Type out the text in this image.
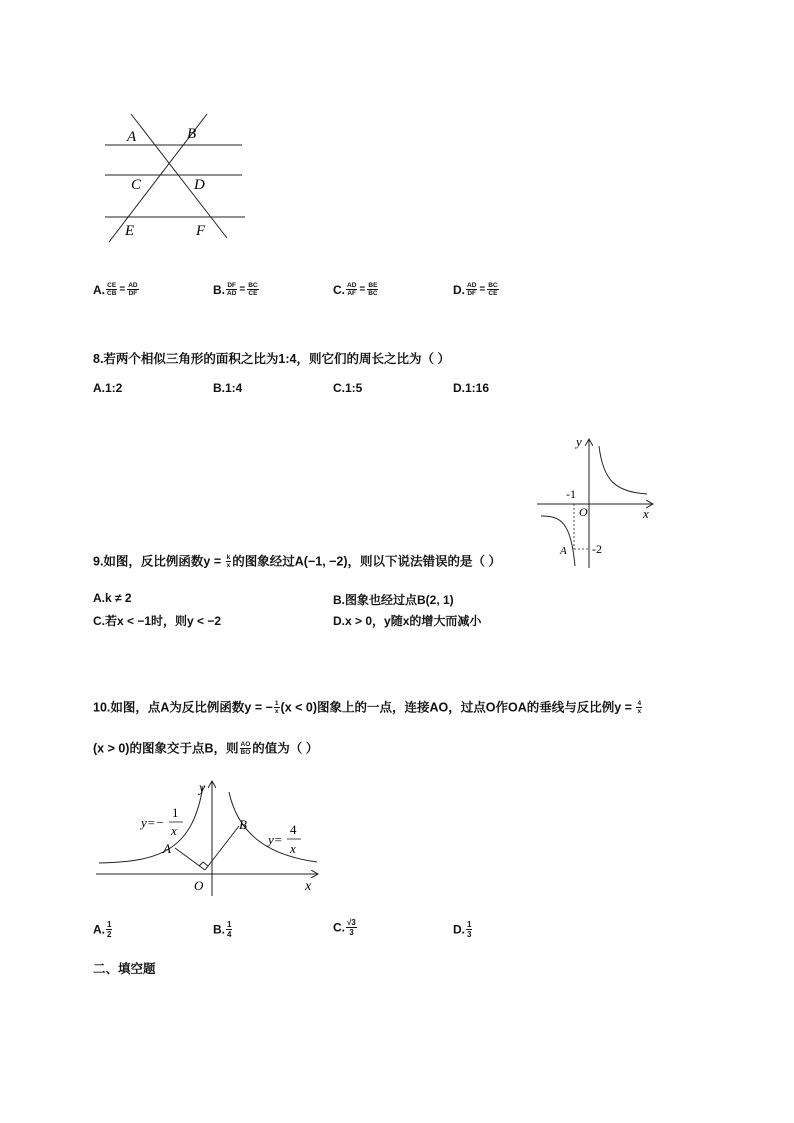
A	B
C	D
E	F
A. $\frac{CE}{CB} = \frac{AD}{DF}$	B. $\frac{DF}{AD} = \frac{BC}{CE}$	C. $\frac{AD}{AF} = \frac{BE}{BC}$	D. $\frac{AD}{DF} = \frac{BC}{CE}$
8.若两个相似三角形的面积之比为1:4，则它们的周长之比为（ ）
A.1:2	B.1:4	C.1:5	D.1:16
y
x
O
-1
-2
A
9.如图，反比例函数$y = \frac{k}{x}$ 的图象经过A(−1, −2)，则以下说法错误的是（ ）
A.k ≠ 2	B.图象也经过点B(2, 1)
C.若x < −1时，则y < −2	D.x > 0，y随x的增大而减小
10.如图，点A为反比例函数y = − $\frac{1}{x} (x < 0)$图象上的一点，连接AO，过点O作OA的垂线与反比例$y = \frac{4}{x}$
(x > 0)的图象交于点B，则 $\frac{AO}{BO}$ 的值为（ ）
y
x
O
A
B
y=−
1
x
y=
4
x
A. $\frac{1}{2}$	B. $\frac{1}{4}$	C. $\frac{√3}{3}$	D. $\frac{1}{3}$
二、填空题
